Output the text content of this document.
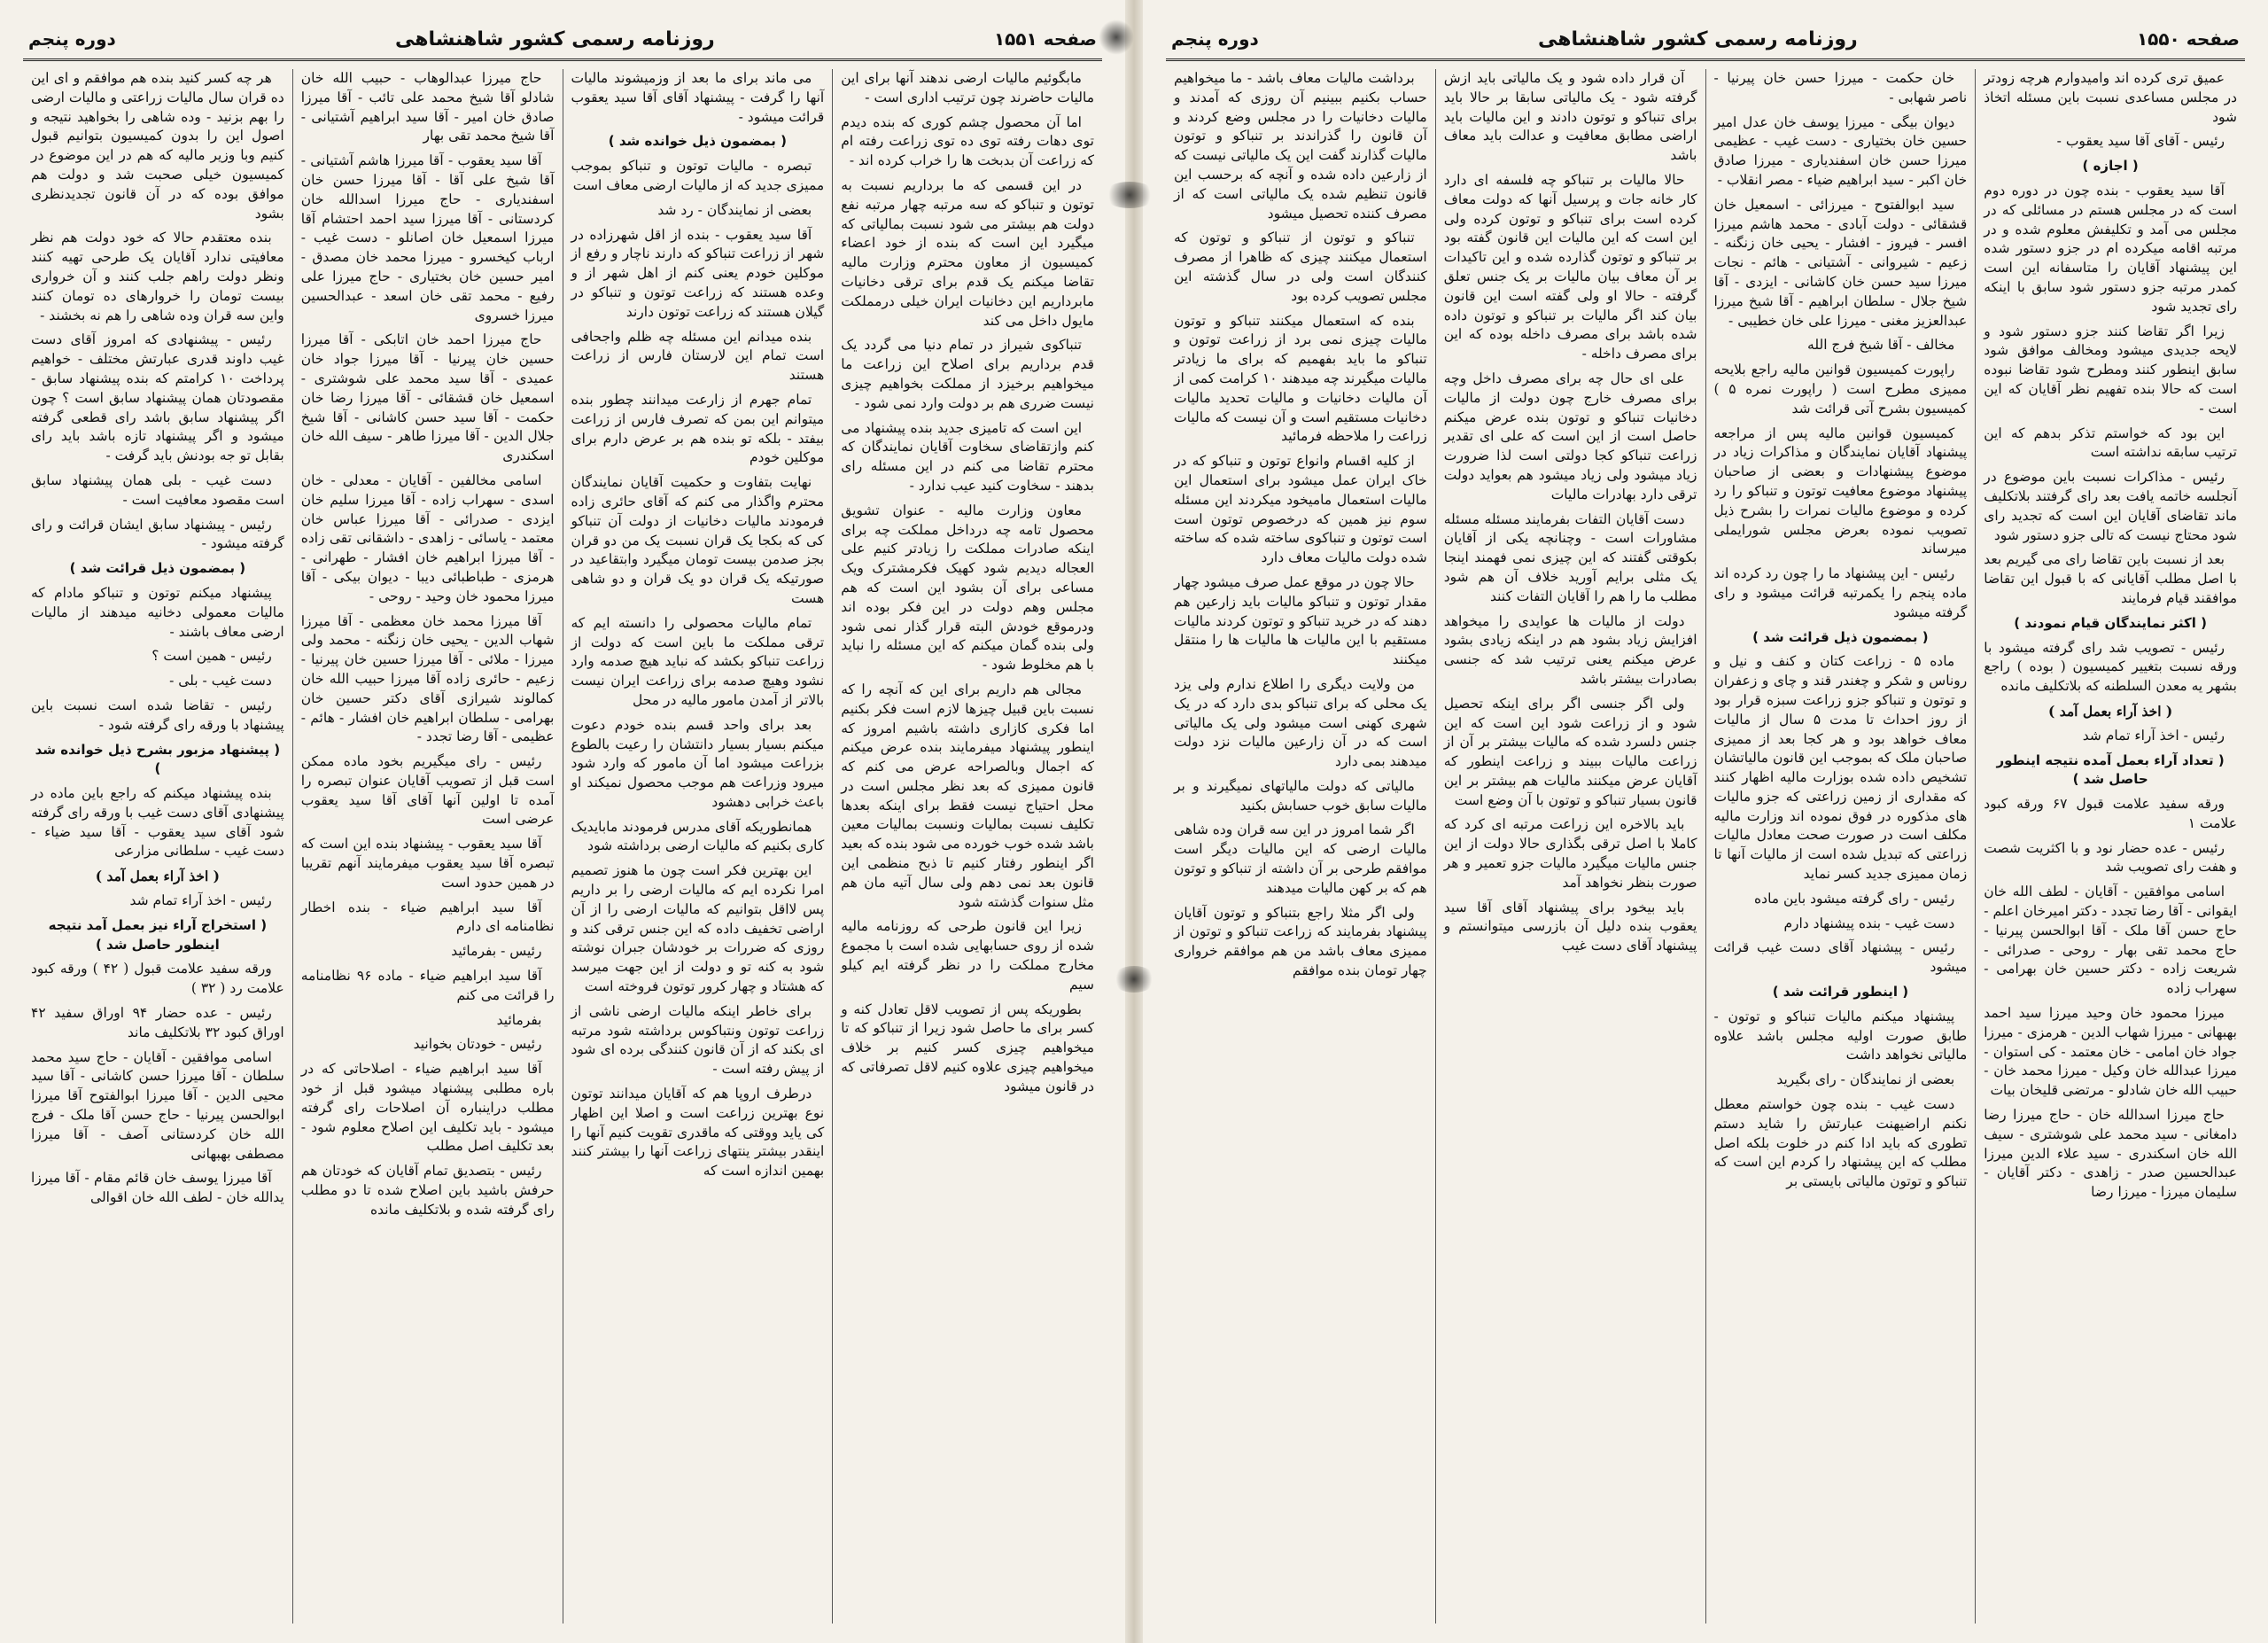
صفحه ۱۵۵۱
روزنامه رسمی کشور شاهنشاهی
دوره پنجم

مابگوئیم مالیات ارضی ندهند آنها برای این مالیات حاضرند چون ترتیب اداری است -

اما آن محصول چشم کوری که بنده دیدم توی دهات رفته توی ده توی زراعت رفته ام که زراعت آن بدبخت ها را خراب کرده اند -

در این قسمی که ما برداریم نسبت به توتون و تنباکو که سه مرتبه چهار مرتبه نفع دولت هم بیشتر می شود نسبت بمالیاتی که میگیرد این است که بنده از خود اعضاء کمیسیون از معاون محترم وزارت مالیه تقاضا میکنم یک قدم برای ترقی دخانیات مابرداریم این دخانیات ایران خیلی درمملکت مایول داخل می کند

تنباکوی شیراز در تمام دنیا می گردد یک قدم برداریم برای اصلاح این زراعت ما میخواهیم برخیزد از مملکت بخواهیم چیزی نیست ضرری هم بر دولت وارد نمی شود -

این است که تامیزی جدید بنده پیشنهاد می کنم وازتقاضای سخاوت آقایان نمایندگان که محترم تقاضا می کنم در این مسئله رای بدهند - سخاوت کنید عیب ندارد -

معاون وزارت مالیه - عنوان تشویق محصول تامه چه درداخل مملکت چه برای اینکه صادرات مملکت را زیادتر کنیم علی العجاله دیدیم شود کهیک فکرمشترک ویک مساعی برای آن بشود این است که هم مجلس وهم دولت در این فکر بوده اند ودرموقع خودش البته قرار گذار نمی شود ولی بنده گمان میکنم که این مسئله را نباید با هم مخلوط شود -

مجالی هم داریم برای این که آنچه را که نسبت باین قبیل چیزها لازم است فکر بکنیم اما فکری کازاری داشته باشیم امروز که اینطور پیشنهاد میفرمایند بنده عرض میکنم که اجمال وبالصراحه عرض می کنم که قانون ممیزی که بعد نظر مجلس است در محل احتیاج نیست فقط برای اینکه بعدها تکلیف نسبت بمالیات ونسبت بمالیات معین باشد شده خوب خورده می شود بنده که بعید اگر اینطور رفتار کنیم تا ذبح منظمی این قانون بعد نمی دهم ولی سال آتیه مان هم مثل سنوات گذشته شود

زیرا این قانون طرحی که روزنامه مالیه شده از روی حسابهایی شده است با مجموع مخارج مملکت را در نظر گرفته ایم کیلو سیم

بطوریکه پس از تصویب لاقل تعادل کنه و کسر برای ما حاصل شود زیرا از تنباکو که تا میخواهیم چیزی کسر کنیم بر خلاف میخواهیم چیزی علاوه کنیم لاقل تصرفاتی که در قانون میشود

می ماند برای ما بعد از وزمیشوند مالیات آنها را گرفت - پیشنهاد آقای آقا سید یعقوب قرائت میشود -

( بمضمون ذیل خوانده شد )

تبصره - مالیات توتون و تنباکو بموجب ممیزی جدید که از مالیات ارضی معاف است

بعضی از نمایندگان - رد شد

آقا سید یعقوب - بنده از اقل شهرزاده در شهر از زراعت تنباکو که دارند ناچار و رفع از موکلین خودم یعنی کنم از اهل شهر از و وعده هستند که زراعت توتون و تنباکو در گیلان هستند که زراعت توتون دارند

بنده میدانم این مسئله چه ظلم واجحافی است تمام این لارستان فارس از زراعت هستند

تمام جهرم از زارعت میدانند چطور بنده میتوانم این بمن که تصرف فارس از زراعت بیفتد - بلکه تو بنده هم بر عرض دارم برای موکلین خودم

نهایت بتفاوت و حکمیت آقایان نمایندگان محترم واگذار می کنم که آقای حائری زاده فرمودند مالیات دخانیات از دولت آن تنباکو کی که بکجا یک قران نسبت یک من دو قران بجز صدمن بیست تومان میگیرد وابتقاعید در صورتیکه یک قران دو یک قران و دو شاهی هست

تمام مالیات محصولی را دانسته ایم که ترقی مملکت ما باین است که دولت از زراعت تنباکو بکشد که نباید هیچ صدمه وارد نشود وهیچ صدمه برای زراعت ایران نیست بالاتر از آمدن مامور مالیه در محل

بعد برای واحد قسم بنده خودم دعوت میکنم بسیار بسیار دانتشان را رعیت بالطوع بزراعت میشود اما آن مامور که وارد شود میرود وزراعت هم موجب محصول نمیکند او باعث خرابی دهشود

همانطوریکه آقای مدرس فرمودند مابایدیک کاری بکنیم که مالیات ارضی برداشته شود

این بهترین فکر است چون ما هنوز تصمیم امرا نکرده ایم که مالیات ارضی را بر داریم پس لااقل بتوانیم که مالیات ارضی را از آن اراضی تخفیف داده که این جنس ترقی کند و روزی که ضررات بر خودشان جبران نوشته شود به کنه تو و دولت از این جهت میرسد که هشتاد و چهار کرور توتون فروخته است

برای خاطر اینکه مالیات ارضی ناشی از زراعت توتون ونتباکوس برداشته شود مرتبه ای بکند که از آن قانون کنندگی برده ای شود از پیش رفته است -

درطرف اروپا هم که آقایان میدانند توتون نوع بهترین زراعت است و اصلا این اظهار کی یاید ووقتی که ماقدری تقویت کنیم آنها را اینقدر بیشتر ینتهای زراعت آنها را بیشتر کنند بهمین اندازه است که

حاج میرزا عبدالوهاب - حبیب الله خان شادلو آقا شیخ محمد علی تائب - آقا میرزا صادق خان امیر - آقا سید ابراهیم آشتیانی - آقا شیخ محمد تقی بهار

آقا سید یعقوب - آقا میرزا هاشم آشتیانی - آقا شیخ علی آقا - آقا میرزا حسن خان اسفندیاری - حاج میرزا اسدالله خان کردستانی - آقا میرزا سید احمد احتشام آقا میرزا اسمعیل خان اصانلو - دست غیب - ارباب کیخسرو - میرزا محمد خان مصدق - امیر حسین خان بختیاری - حاج میرزا علی رفیع - محمد تقی خان اسعد - عبدالحسین میرزا خسروی

حاج میرزا احمد خان اتابکی - آقا میرزا حسین خان پیرنیا - آقا میرزا جواد خان عمیدی - آقا سید محمد علی شوشتری - اسمعیل خان قشقائی - آقا میرزا رضا خان حکمت - آقا سید حسن کاشانی - آقا شیخ جلال الدین - آقا میرزا طاهر - سیف الله خان اسکندری

اسامی مخالفین - آقایان - معدلی - خان اسدی - سهراب زاده - آقا میرزا سلیم خان ایزدی - صدرائی - آقا میرزا عباس خان معتمد - یاسائی - زاهدی - داشقانی تقی زاده - آقا میرزا ابراهیم خان افشار - طهرانی - هرمزی - طباطبائی دیبا - دیوان بیکی - آقا میرزا محمود خان وحید - روحی -

آقا میرزا محمد خان معظمی - آقا میرزا شهاب الدین - یحیی خان زنگنه - محمد ولی میرزا - ملائی - آقا میرزا حسین خان پیرنیا - زعیم - حائری زاده آقا میرزا حبیب الله خان کمالوند شیرازی آقای دکتر حسین خان بهرامی - سلطان ابراهیم خان افشار - هائم - عظیمی - آقا رضا تجدد -

رئیس - رای میگیریم بخود ماده ممکن است قبل از تصویب آقایان عنوان تبصره را آمده تا اولین آنها آقای آقا سید یعقوب عرضی است

آقا سید یعقوب - پیشنهاد بنده این است که تبصره آقا سید یعقوب میفرمایند آنهم تقریبا در همین حدود است

آقا سید ابراهیم ضیاء - بنده اخطار نظامنامه ای دارم

رئیس - بفرمائید

آقا سید ابراهیم ضیاء - ماده ۹۶ نظامنامه را قرائت می کنم

بفرمائید

رئیس - خودتان بخوانید

آقا سید ابراهیم ضیاء - اصلاحاتی که در باره مطلبی پیشنهاد میشود قبل از خود مطلب دراینباره آن اصلاحات رای گرفته میشود - باید تکلیف این اصلاح معلوم شود - بعد تکلیف اصل مطلب

رئیس - بتصدیق تمام آقایان که خودتان هم حرفش باشید باین اصلاح شده تا دو مطلب رای گرفته شده و بلاتکلیف مانده

هر چه کسر کنید بنده هم موافقم و ای این ده قران سال مالیات زراعتی و مالیات ارضی را بهم بزنید - وده شاهی را بخواهید نتیجه و اصول این را بدون کمیسیون بتوانیم قبول کنیم وبا وزیر مالیه که هم در این موضوع در کمیسیون خیلی صحبت شد و دولت هم موافق بوده که در آن قانون تجدیدنظری بشود

بنده معتقدم حالا که خود دولت هم نظر معافیتی ندارد آقایان یک طرحی تهیه کنند ونظر دولت راهم جلب کنند و آن خرواری بیست تومان را خروارهای ده تومان کنند واین سه قران وده شاهی را هم نه بخشند -

رئیس - پیشنهادی که امروز آقای دست غیب داوند قدری عبارتش مختلف - خواهیم پرداخت ۱۰ کرامتم که بنده پیشنهاد سابق - مقصودتان همان پیشنهاد سابق است ؟ چون اگر پیشنهاد سابق باشد رای قطعی گرفته میشود و اگر پیشنهاد تازه باشد باید رای بقابل تو جه بودنش باید گرفت -

دست غیب - بلی همان پیشنهاد سابق است مقصود معافیت است -

رئیس - پیشنهاد سابق ایشان قرائت و رای گرفته میشود -

( بمضمون ذیل قرائت شد )

پیشنهاد میکنم توتون و تنباکو مادام که مالیات معمولی دخانیه میدهند از مالیات ارضی معاف باشند -

رئیس - همین است ؟

دست غیب - بلی -

رئیس - تقاضا شده است نسبت باین پیشنهاد با ورقه رای گرفته شود -

( پیشنهاد مزبور بشرح ذیل خوانده شد )

بنده پیشنهاد میکنم که راجع باین ماده در پیشنهادی آقای دست غیب با ورقه رای گرفته شود آقای سید یعقوب - آقا سید ضیاء - دست غیب - سلطانی مزارعی

( اخذ آراء بعمل آمد )

رئیس - اخذ آراء تمام شد

( استخراج آراء نیز بعمل آمد نتیجه اینطور حاصل شد )

ورقه سفید علامت قبول ( ۴۲ ) ورقه کبود علامت رد ( ۳۲ )

رئیس - عده حضار ۹۴ اوراق سفید ۴۲ اوراق کبود ۳۲ بلاتکلیف ماند

اسامی موافقین - آقایان - حاج سید محمد سلطان - آقا میرزا حسن کاشانی - آقا سید محیی الدین - آقا میرزا ابوالفتوح آقا میرزا ابوالحسن پیرنیا - حاج حسن آقا ملک - فرج الله خان کردستانی آصف - آقا میرزا مصطفی بهبهانی

آقا میرزا یوسف خان قائم مقام - آقا میرزا یدالله خان - لطف الله خان اقوالی

صفحه ۱۵۵۰
روزنامه رسمی کشور شاهنشاهی
دوره پنجم

عمیق تری کرده اند وامیدوارم هرچه زودتر در مجلس مساعدی نسبت باین مسئله اتخاذ شود

رئیس - آقای آقا سید یعقوب -

( اجازه )

آقا سید یعقوب - بنده چون در دوره دوم است که در مجلس هستم در مسائلی که در مجلس می آمد و تکلیفش معلوم شده و در مرتبه اقامه میکرده ام در جزو دستور شده این پیشنهاد آقایان را متاسفانه این است کمدر مرتبه جزو دستور شود سابق با اینکه رای تجدید شود

زیرا اگر تقاضا کنند جزو دستور شود و لایحه جدیدی میشود ومخالف موافق شود سابق اینطور کنند ومطرح شود تقاضا نبوده است که حالا بنده تفهیم نظر آقایان که این است -

این بود که خواستم تذکر بدهم که این ترتیب سابقه نداشته است

رئیس - مذاکرات نسبت باین موضوع در آنجلسه خاتمه یافت بعد رای گرفتند بلاتکلیف ماند تقاضای آقایان این است که تجدید رای شود محتاج نیست که تالی جزو دستور شود

بعد از نسبت باین تقاضا رای می گیریم بعد با اصل مطلب آقایانی که با قبول این تقاضا موافقند قیام فرمایند

( اکثر نمایندگان قیام نمودند )

رئیس - تصویب شد رای گرفته میشود با ورقه نسبت بتغییر کمیسیون ( بوده ) راجع بشهر یه معدن السلطنه که بلاتکلیف مانده

( اخذ آراء بعمل آمد )

رئیس - اخذ آراء تمام شد

( تعداد آراء بعمل آمده نتیجه اینطور حاصل شد )

ورقه سفید علامت قبول ۶۷ ورقه کبود علامت ۱

رئیس - عده حضار نود و با اکثریت شصت و هفت رای تصویب شد

اسامی موافقین - آقایان - لطف الله خان ایقوانی - آقا رضا تجدد - دکتر امیرخان اعلم - حاج حسن آقا ملک - آقا ابوالحسن پیرنیا - حاج محمد تقی بهار - روحی - صدرائی - شریعت زاده - دکتر حسین خان بهرامی - سهراب زاده

میرزا محمود خان وحید میرزا سید احمد بهبهانی - میرزا شهاب الدین - هرمزی - میرزا جواد خان امامی - خان معتمد - کی استوان - میرزا عبدالله خان وکیل - میرزا محمد خان - حبیب الله خان شادلو - مرتضی قلیخان بیات

حاج میرزا اسدالله خان - حاج میرزا رضا دامغانی - سید محمد علی شوشتری - سیف الله خان اسکندری - سید علاء الدین میرزا عبدالحسین صدر - زاهدی - دکتر آقایان - سلیمان میرزا - میرزا رضا

خان حکمت - میرزا حسن خان پیرنیا - ناصر شهابی -

دیوان بیگی - میرزا یوسف خان عدل امیر حسین خان بختیاری - دست غیب - عظیمی میرزا حسن خان اسفندیاری - میرزا صادق خان اکبر - سید ابراهیم ضیاء - مصر انقلاب -

سید ابوالفتوح - میرزائی - اسمعیل خان قشقائی - دولت آبادی - محمد هاشم میرزا افسر - فیروز - افشار - یحیی خان زنگنه - زعیم - شیروانی - آشتیانی - هائم - نجات میرزا سید حسن خان کاشانی - ایزدی - آقا شیخ جلال - سلطان ابراهیم - آقا شیخ میرزا عبدالعزیز مغنی - میرزا علی خان خطیبی -

مخالف - آقا شیخ فرج الله

راپورت کمیسیون قوانین مالیه راجع بلایحه ممیزی مطرح است ( راپورت نمره ۵ ) کمیسیون بشرح آتی قرائت شد

کمیسیون قوانین مالیه پس از مراجعه پیشنهاد آقایان نمایندگان و مذاکرات زیاد در موضوع پیشنهادات و بعضی از صاحبان پیشنهاد موضوع معافیت توتون و تنباکو را رد کرده و موضوع مالیات نمرات را بشرح ذیل تصویب نموده بعرض مجلس شورایملی میرساند

رئیس - این پیشنهاد ما را چون رد کرده اند ماده پنجم را یکمرتبه قرائت میشود و رای گرفته میشود

( بمضمون ذیل قرائت شد )

ماده ۵ - زراعت کتان و کنف و نیل و روناس و شکر و چغندر قند و چای و زعفران و توتون و تنباکو جزو زراعت سبزه قرار بود از روز احداث تا مدت ۵ سال از مالیات معاف خواهد بود و هر کجا بعد از ممیزی صاحبان ملک که بموجب این قانون مالیاتشان تشخیص داده شده بوزارت مالیه اظهار کنند که مقداری از زمین زراعتی که جزو مالیات های مذکوره در فوق نموده اند وزارت مالیه مکلف است در صورت صحت معادل مالیات زراعتی که تبدیل شده است از مالیات آنها تا زمان ممیزی جدید کسر نماید

رئیس - رای گرفته میشود باین ماده

دست غیب - بنده پیشنهاد دارم

رئیس - پیشنهاد آقای دست غیب قرائت میشود

( اینطور قرائت شد )

پیشنهاد میکنم مالیات تنباکو و توتون - طابق صورت اولیه مجلس باشد علاوه مالیاتی نخواهد داشت

بعضی از نمایندگان - رای بگیرید

دست غیب - بنده چون خواستم معطل نکنم اراضیهنت عبارتش را شاید دستم تطوری که باید ادا کنم در خلوت بلکه اصل مطلب که این پیشنهاد را کردم این است که تنباکو و توتون مالیاتی بایستی بر

آن قرار داده شود و یک مالیاتی باید ازش گرفته شود - یک مالیاتی سابقا بر حالا باید برای تنباکو و توتون دادند و این مالیات باید اراضی مطابق معافیت و عدالت باید معاف باشد

حالا مالیات بر تنباکو چه فلسفه ای دارد کار خانه جات و پرسیل آنها که دولت معاف کرده است برای تنباکو و توتون کرده ولی این است که این مالیات این قانون گفته بود بر تنباکو و توتون گذارده شده و این تاکیدات بر آن معاف بیان مالیات بر یک جنس تعلق گرفته - حالا او ولی گفته است این قانون بیان کند اگر مالیات بر تنباکو و توتون داده شده باشد برای مصرف داخله بوده که این برای مصرف داخله -

علی ای حال چه برای مصرف داخل وچه برای مصرف خارج چون دولت از مالیات دخانیات تنباکو و توتون بنده عرض میکنم حاصل است از این است که علی ای تقدیر زراعت تنباکو کجا دولتی است لذا ضرورت زیاد میشود ولی زیاد میشود هم بعواید دولت ترقی دارد بهادرات مالیات

دست آقایان التفات بفرمایند مسئله مسئله مشاورات است - وچنانچه یکی از آقایان بکوقتی گفتند که این چیزی نمی فهمند اینجا یک مثلی برایم آورید خلاف آن هم شود مطلب ما را هم را آقایان التفات کنند

دولت از مالیات ها عوایدی را میخواهد افزایش زیاد بشود هم در اینکه زیادی بشود عرض میکنم یعنی ترتیب شد که جنسی بصادرات بیشتر باشد

ولی اگر جنسی اگر برای اینکه تحصیل شود و از زراعت شود این است که این جنس دلسرد شده که مالیات بیشتر بر آن از زراعت مالیات ببیند و زراعت اینطور که آقایان عرض میکنند مالیات هم بیشتر بر این قانون بسیار تنباکو و توتون با آن وضع است

باید بالاخره این زراعت مرتبه ای کرد که کاملا با اصل ترقی بگذاری حالا دولت از این جنس مالیات میگیرد مالیات جزو تعمیر و هر صورت بنظر نخواهد آمد

باید بیخود برای پیشنهاد آقای آقا سید یعقوب بنده دلیل آن بازرسی میتوانستم و پیشنهاد آقای دست غیب

برداشت مالیات معاف باشد - ما میخواهیم حساب بکنیم ببینیم آن روزی که آمدند و مالیات دخانیات را در مجلس وضع کردند و آن قانون را گذراندند بر تنباکو و توتون مالیات گذارند گفت این یک مالیاتی نیست که از زارعین داده شده و آنچه که برحسب این قانون تنظیم شده یک مالیاتی است که از مصرف کننده تحصیل میشود

تنباکو و توتون از تنباکو و توتون که استعمال میکنند چیزی که ظاهرا از مصرف کنندگان است ولی در سال گذشته این مجلس تصویب کرده بود

بنده که استعمال میکنند تنباکو و توتون مالیات چیزی نمی برد از زراعت توتون و تنباکو ما باید بفهمیم که برای ما زیادتر مالیات میگیرند چه میدهند ۱۰ کرامت کمی از آن مالیات دخانیات و مالیات تحدید مالیات دخانیات مستقیم است و آن نیست که مالیات زراعت را ملاحظه فرمائید

از کلیه اقسام وانواع توتون و تنباکو که در خاک ایران عمل میشود برای استعمال این مالیات استعمال مامیخود میکردند این مسئله سوم نیز همین که درخصوص توتون است است توتون و تنباکوی ساخته شده که ساخته شده دولت مالیات معاف دارد

حالا چون در موقع عمل صرف میشود چهار مقدار توتون و تنباکو مالیات باید زارعین هم دهند که در خرید تنباکو و توتون کردند مالیات مستقیم با این مالیات ها مالیات ها را منتقل میکنند

من ولایت دیگری را اطلاع ندارم ولی یزد یک محلی که برای تنباکو بدی دارد که در یک شهری کهنی است میشود ولی یک مالیاتی است که در آن زارعین مالیات نزد دولت میدهند بمی دارد

مالیاتی که دولت مالیاتهای نمیگیرند و بر مالیات سابق خوب حسابش بکنید

اگر شما امروز در این سه قران وده شاهی مالیات ارضی که این مالیات دیگر است موافقم طرحی بر آن داشته از تنباکو و توتون هم که بر کهن مالیات میدهند

ولی اگر مثلا راجع بتنباکو و توتون آقایان پیشنهاد بفرمایند که زراعت تنباکو و توتون از ممیزی معاف باشد من هم موافقم خرواری چهار تومان بنده موافقم
